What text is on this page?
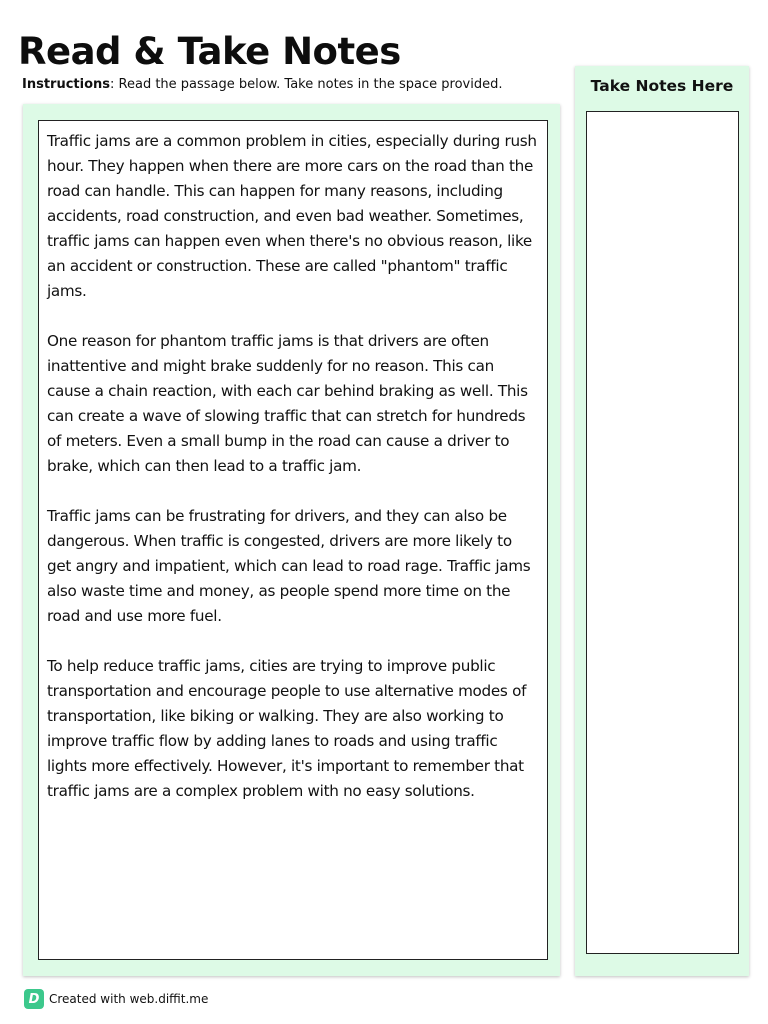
Read & Take Notes
Instructions: Read the passage below. Take notes in the space provided.

Traffic jams are a common problem in cities, especially during rush hour. They happen when there are more cars on the road than the road can handle. This can happen for many reasons, including accidents, road construction, and even bad weather. Sometimes, traffic jams can happen even when there's no obvious reason, like an accident or construction. These are called "phantom" traffic jams.

One reason for phantom traffic jams is that drivers are often inattentive and might brake suddenly for no reason. This can cause a chain reaction, with each car behind braking as well. This can create a wave of slowing traffic that can stretch for hundreds of meters. Even a small bump in the road can cause a driver to brake, which can then lead to a traffic jam.

Traffic jams can be frustrating for drivers, and they can also be dangerous. When traffic is congested, drivers are more likely to get angry and impatient, which can lead to road rage. Traffic jams also waste time and money, as people spend more time on the road and use more fuel.

To help reduce traffic jams, cities are trying to improve public transportation and encourage people to use alternative modes of transportation, like biking or walking. They are also working to improve traffic flow by adding lanes to roads and using traffic lights more effectively. However, it's important to remember that traffic jams are a complex problem with no easy solutions.

Take Notes Here
D Created with web.diffit.me
